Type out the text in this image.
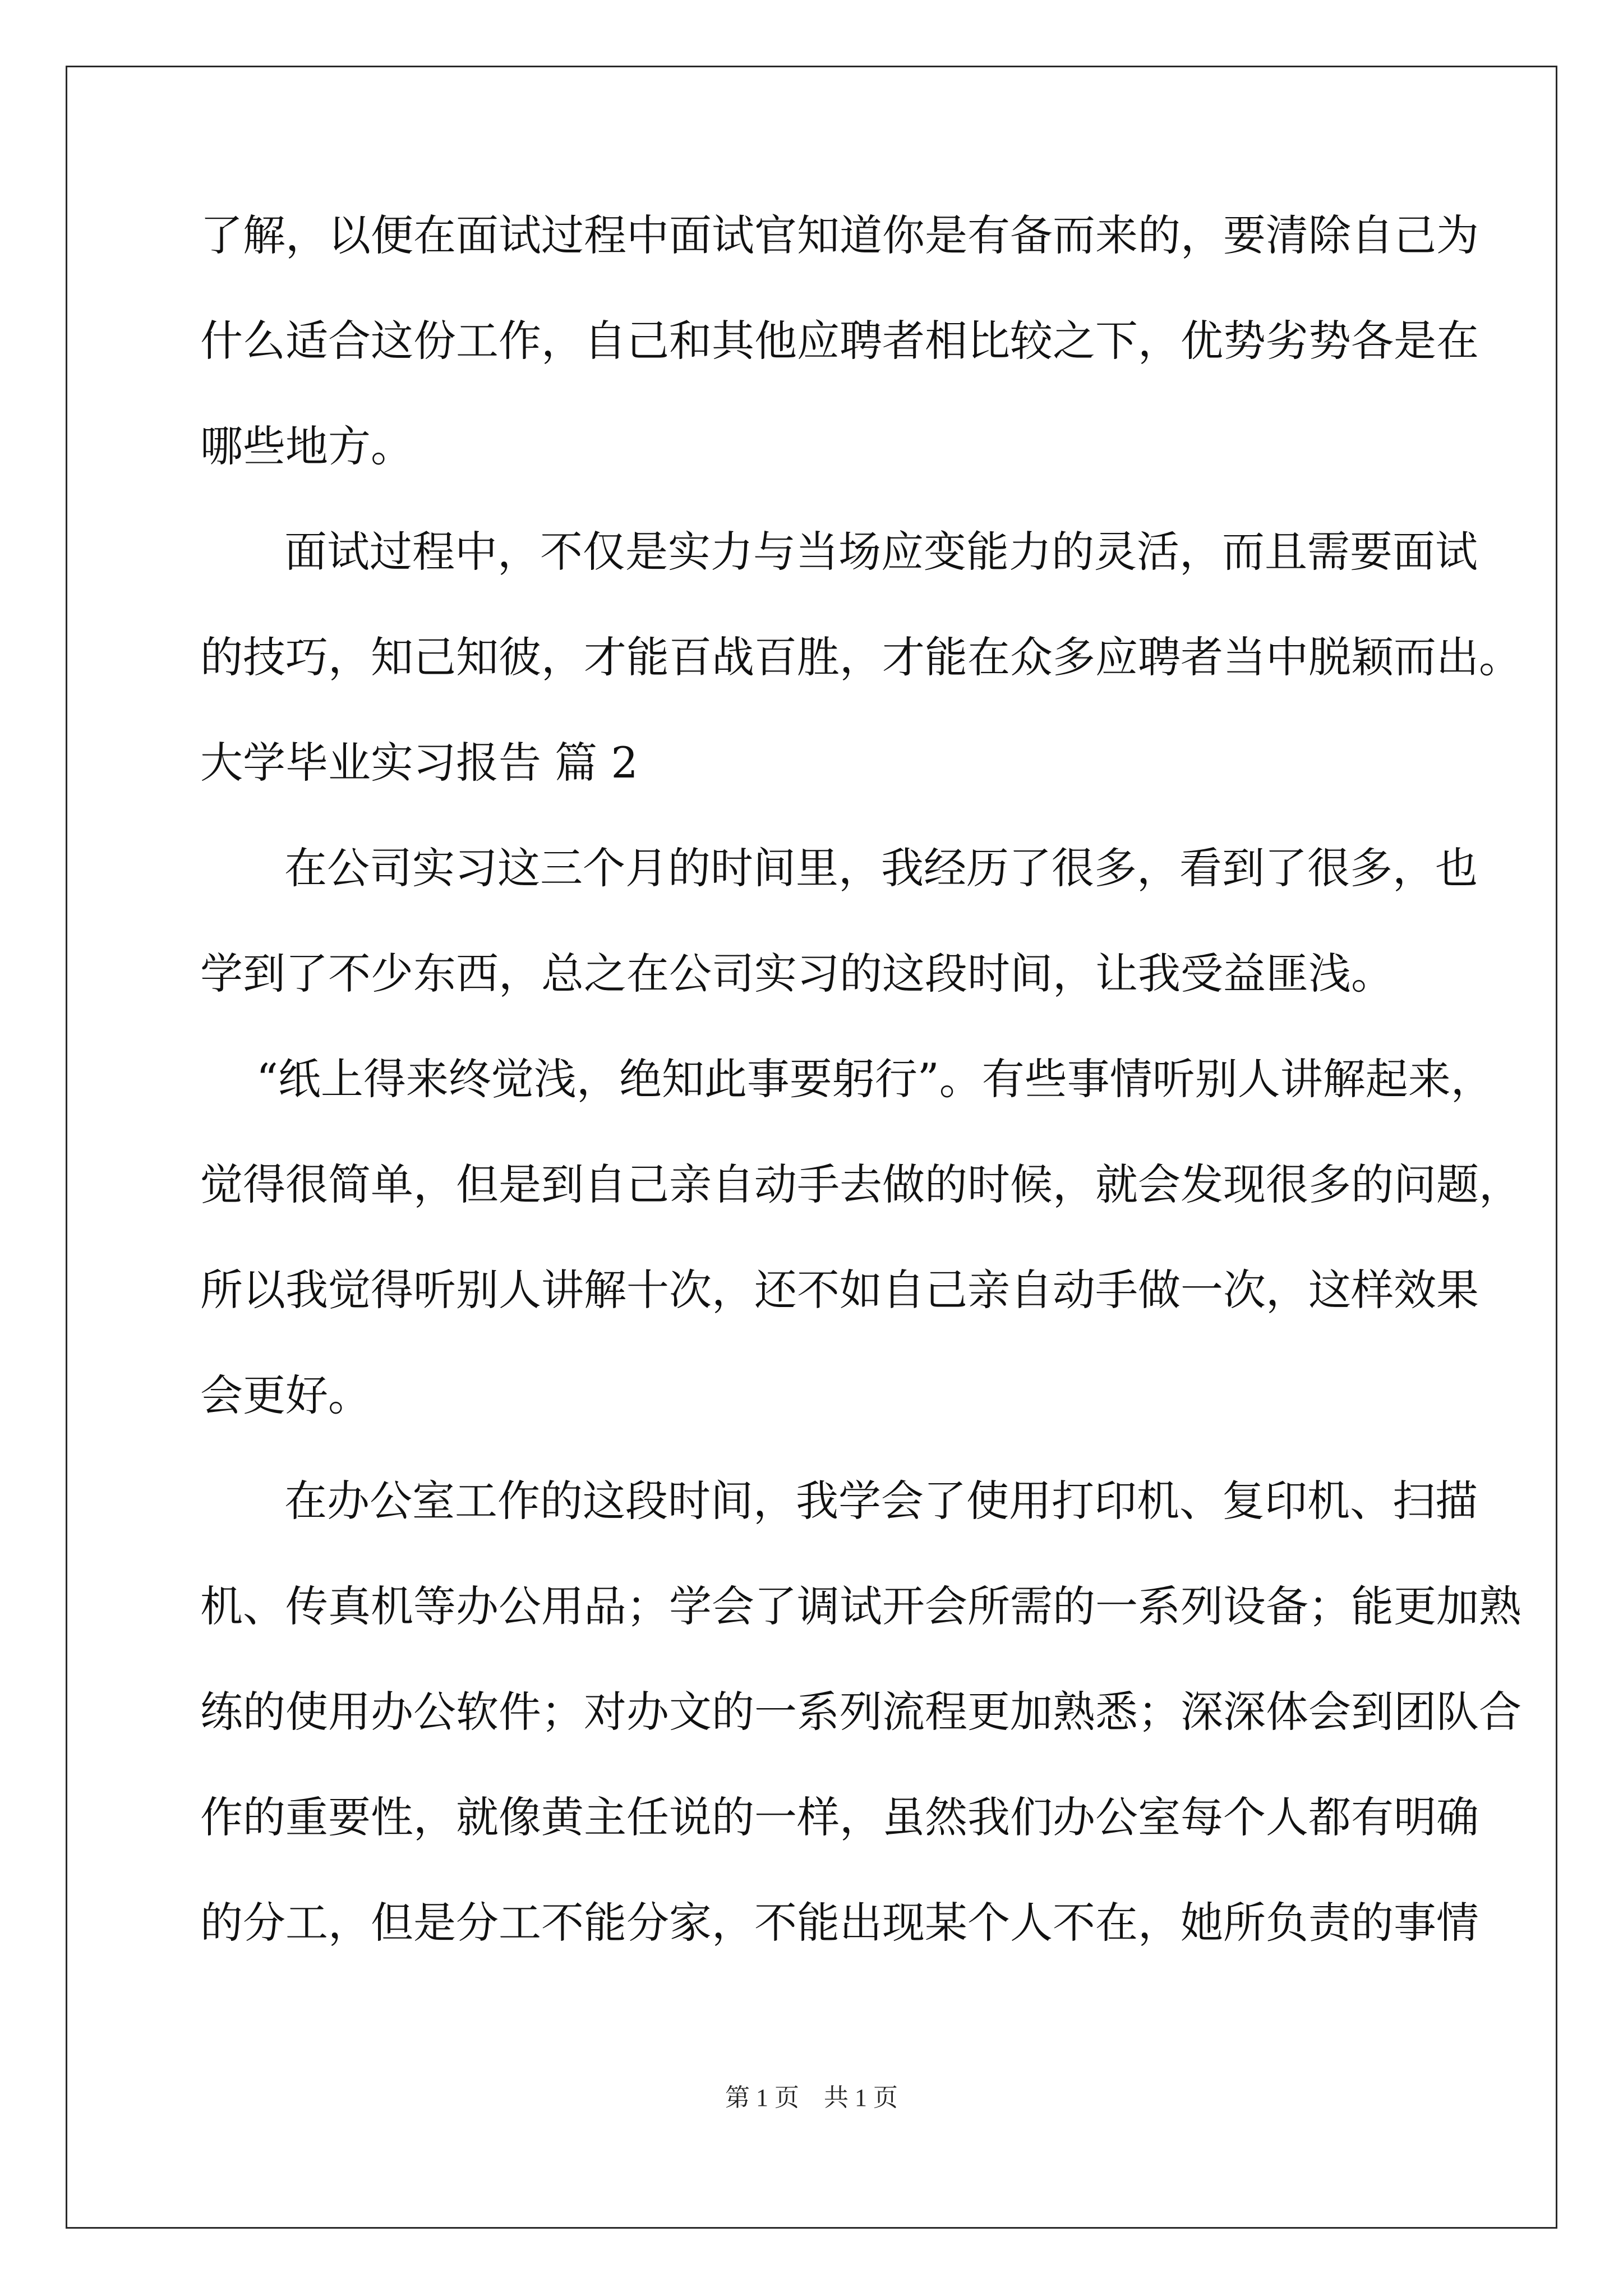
了解，以便在面试过程中面试官知道你是有备而来的，要清除自己为
什么适合这份工作，自己和其他应聘者相比较之下，优势劣势各是在
哪些地方。
面试过程中，不仅是实力与当场应变能力的灵活，而且需要面试
的技巧，知己知彼，才能百战百胜，才能在众多应聘者当中脱颖而出。
大学毕业实习报告 篇 2
在公司实习这三个月的时间里，我经历了很多，看到了很多，也
学到了不少东西，总之在公司实习的这段时间，让我受益匪浅。
“纸上得来终觉浅，绝知此事要躬行”。有些事情听别人讲解起来，
觉得很简单，但是到自己亲自动手去做的时候，就会发现很多的问题，
所以我觉得听别人讲解十次，还不如自己亲自动手做一次，这样效果
会更好。
在办公室工作的这段时间，我学会了使用打印机、复印机、扫描
机、传真机等办公用品；学会了调试开会所需的一系列设备；能更加熟
练的使用办公软件；对办文的一系列流程更加熟悉；深深体会到团队合
作的重要性，就像黄主任说的一样，虽然我们办公室每个人都有明确
的分工，但是分工不能分家，不能出现某个人不在，她所负责的事情
第 1 页　共 1 页
